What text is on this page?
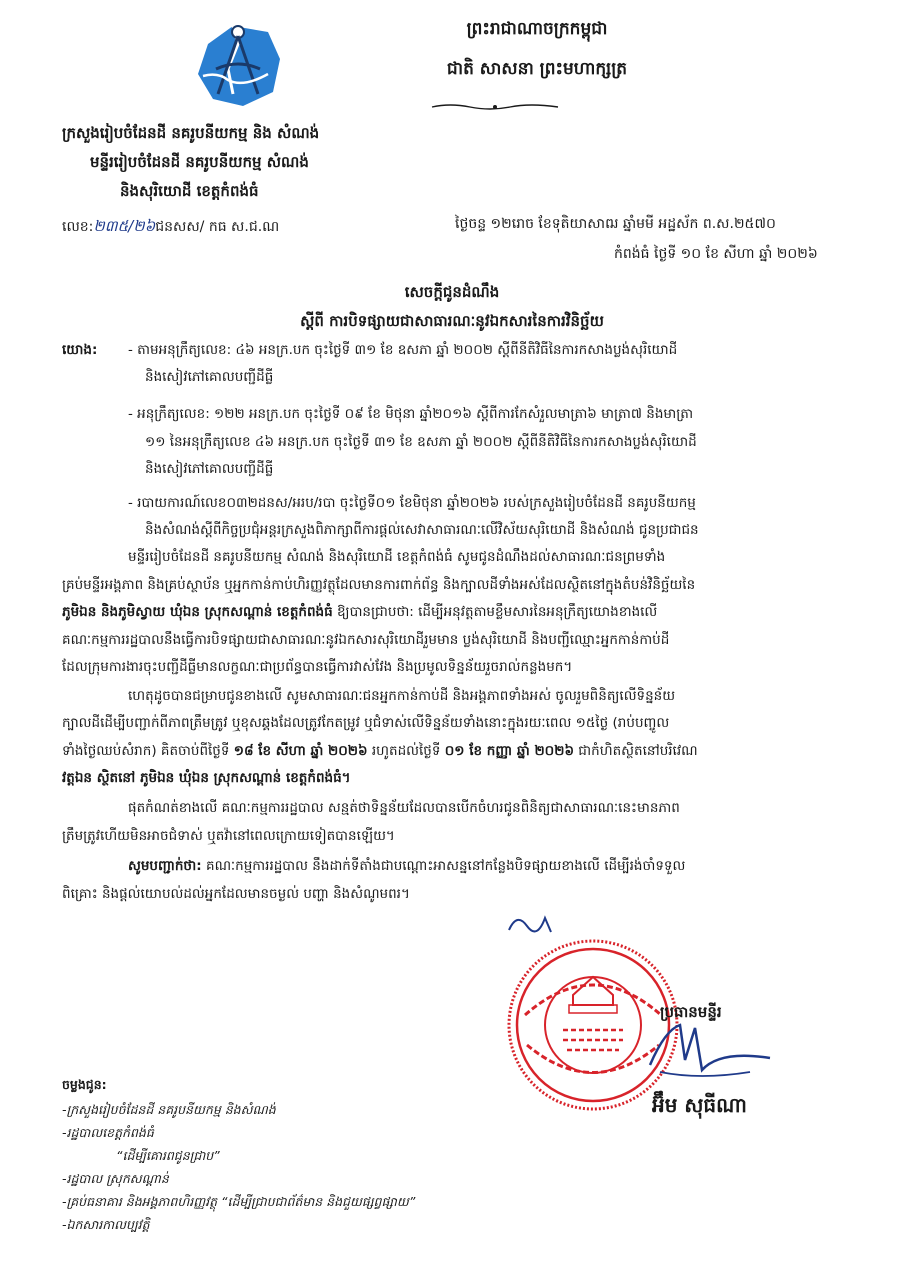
ព្រះរាជាណាចក្រកម្ពុជា
ជាតិ សាសនា ព្រះមហាក្សត្រ
ក្រសួងរៀបចំដែនដី នគរូបនីយកម្ម និង សំណង់
មន្ទីររៀបចំដែនដី នគរូបនីយកម្ម សំណង់
និងសុរិយោដី ខេត្តកំពង់ធំ
លេខ:២៣៥/២៦ជនសស/ កធ ស.ជ.ណ	ថ្ងៃចន្ទ ១២រោច ខែទុតិយាសាឍ ឆ្នាំមមី អដ្ឋស័ក ព.ស.២៥៧០
កំពង់ធំ ថ្ងៃទី ១០ ខែ សីហា ឆ្នាំ ២០២៦
សេចក្ដីជូនដំណឹង
ស្ដីពី ការបិទផ្សាយជាសាធារណៈនូវឯកសារនៃការវិនិច្ឆ័យ
យោង: - តាមអនុក្រឹត្យលេខ: ៤៦ អនក្រ.បក ចុះថ្ងៃទី ៣១ ខែ ឧសភា ឆ្នាំ ២០០២ ស្ដីពីនីតិវិធីនៃការកសាងប្លង់សុរិយោដី
និងសៀវភៅគោលបញ្ជីដីធ្លី
- អនុក្រឹត្យលេខ: ១២២ អនក្រ.បក ចុះថ្ងៃទី ០៩ ខែ មិថុនា ឆ្នាំ២០១៦ ស្ដីពីការកែសំរួលមាត្រា៦ មាត្រា៧ និងមាត្រា
១១ នៃអនុក្រឹត្យលេខ ៤៦ អនក្រ.បក ចុះថ្ងៃទី ៣១ ខែ ឧសភា ឆ្នាំ ២០០២ ស្ដីពីនីតិវិធីនៃការកសាងប្លង់សុរិយោដី
និងសៀវភៅគោលបញ្ជីដីធ្លី
- របាយការណ៍លេខ០៣២ដនស/អរប/របា ចុះថ្ងៃទី០១ ខែមិថុនា ឆ្នាំ២០២៦ របស់ក្រសួងរៀបចំដែនដី នគរូបនីយកម្ម
និងសំណង់ស្ដីពីកិច្ចប្រជុំអន្តរក្រសួងពិភាក្សាពីការផ្ដល់សេវាសាធារណៈលើវិស័យសុរិយោដី និងសំណង់ ជូនប្រជាជន
មន្ទីររៀបចំដែនដី នគរូបនីយកម្ម សំណង់ និងសុរិយោដី ខេត្តកំពង់ធំ សូមជូនដំណឹងដល់សាធារណៈជនព្រមទាំង
គ្រប់មន្ទីរអង្គភាព និងគ្រប់ស្ថាប័ន ឬអ្នកកាន់កាប់ហិរញ្ញវត្ថុដែលមានការពាក់ព័ន្ធ និងក្បាលដីទាំងអស់ដែលស្ថិតនៅក្នុងតំបន់វិនិច្ឆ័យនៃ
ភូមិឯន និងភូមិស្វាយ ឃុំឯន ស្រុកសណ្ដាន់ ខេត្តកំពង់ធំ ឱ្យបានជ្រាបថា: ដើម្បីអនុវត្តតាមខ្លឹមសារនៃអនុក្រឹត្យយោងខាងលើ
គណៈកម្មការរដ្ឋបាលនឹងធ្វើការបិទផ្សាយជាសាធារណៈនូវឯកសារសុរិយោដីរួមមាន ប្លង់សុរិយោដី និងបញ្ជីឈ្មោះអ្នកកាន់កាប់ដី
ដែលក្រុមការងារចុះបញ្ជីដីធ្លីមានលក្ខណៈជាប្រព័ន្ធបានធ្វើការវាស់វែង និងប្រមូលទិន្នន័យរួចរាល់កន្លងមក។
ហេតុដូចបានជម្រាបជូនខាងលើ សូមសាធារណៈជនអ្នកកាន់កាប់ដី និងអង្គភាពទាំងអស់ ចូលរួមពិនិត្យលើទិន្នន័យ
ក្បាលដីដើម្បីបញ្ជាក់ពីភាពត្រឹមត្រូវ ឬខុសឆ្គងដែលត្រូវកែតម្រូវ ឬជំទាស់លើទិន្នន័យទាំងនោះក្នុងរយៈពេល ១៥ថ្ងៃ (រាប់បញ្ចូល
ទាំងថ្ងៃឈប់សំរាក) គិតចាប់ពីថ្ងៃទី ១៨ ខែ សីហា ឆ្នាំ ២០២៦ រហូតដល់ថ្ងៃទី ០១ ខែ កញ្ញា ឆ្នាំ ២០២៦ ជាកំហិតស្ថិតនៅបរិវេណ
វត្តឯន ស្ថិតនៅ ភូមិឯន ឃុំឯន ស្រុកសណ្ដាន់ ខេត្តកំពង់ធំ។
ផុតកំណត់ខាងលើ គណៈកម្មការរដ្ឋបាល សន្មត់ថាទិន្នន័យដែលបានបើកចំហរជូនពិនិត្យជាសាធារណៈនេះមានភាព
ត្រឹមត្រូវហើយមិនអាចជំទាស់ ឬតវ៉ានៅពេលក្រោយទៀតបានឡើយ។
សូមបញ្ជាក់ថា: គណៈកម្មការរដ្ឋបាល នឹងដាក់ទីតាំងជាបណ្ដោះអាសន្ននៅកន្លែងបិទផ្សាយខាងលើ ដើម្បីរង់ចាំទទួល
ពិគ្រោះ និងផ្ដល់យោបល់ដល់អ្នកដែលមានចម្ងល់ បញ្ហា និងសំណូមពរ។
ប្រធានមន្ទីរ
អ៊ឹម សុធីណា
ចម្លងជូន:
-ក្រសួងរៀបចំដែនដី នគរូបនីយកម្ម និងសំណង់
-រដ្ឋបាលខេត្តកំពង់ធំ
“ដើម្បីគោរពជូនជ្រាប”
-រដ្ឋបាល ស្រុកសណ្ដាន់
-គ្រប់ធនាគារ និងអង្គភាពហិរញ្ញវត្ថុ “ដើម្បីជ្រាបជាព័ត៌មាន និងជួយផ្សព្វផ្សាយ”
-ឯកសារកាលប្បវត្តិ
